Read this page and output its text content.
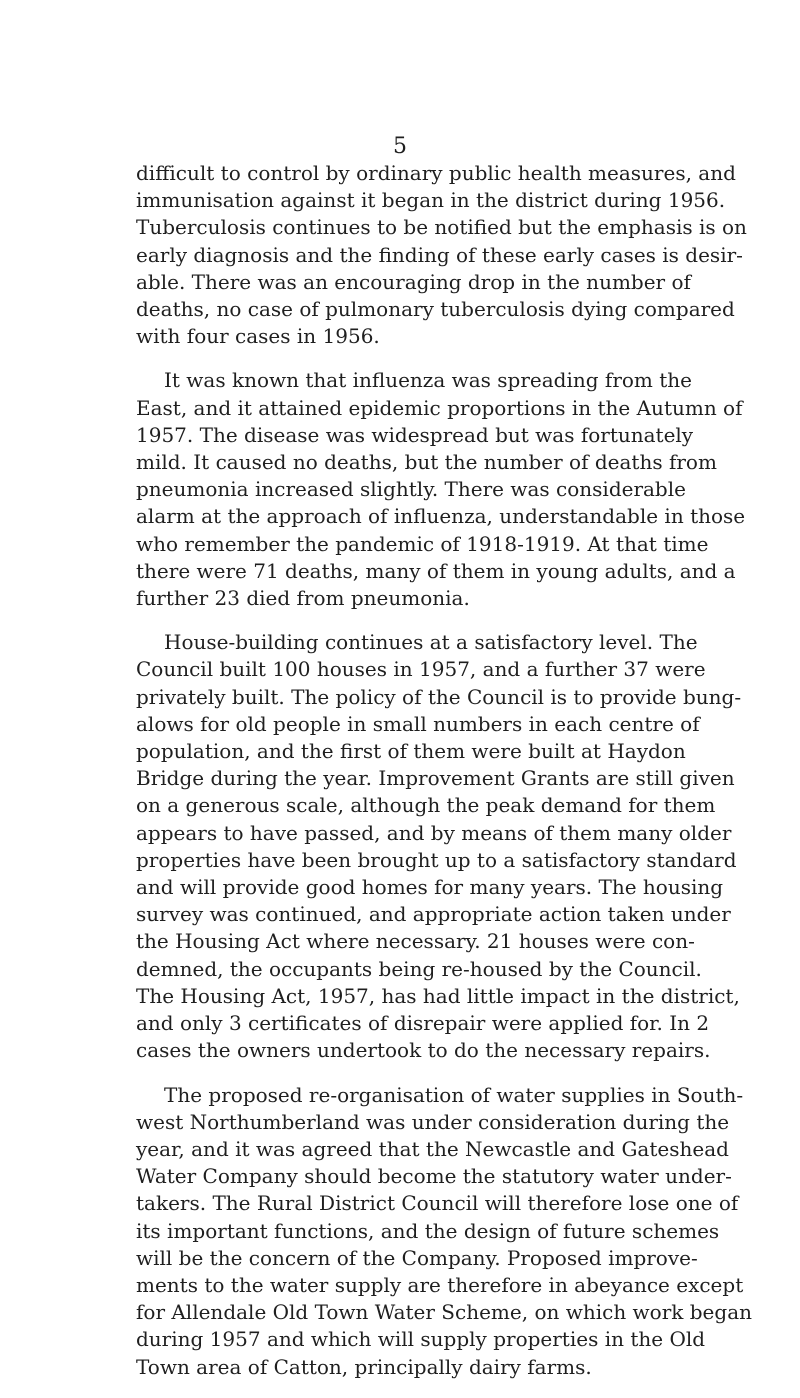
5
difficult to control by ordinary public health measures, and
immunisation against it began in the district during 1956.
Tuberculosis continues to be notified but the emphasis is on
early diagnosis and the finding of these early cases is desir-
able. There was an encouraging drop in the number of
deaths, no case of pulmonary tuberculosis dying compared
with four cases in 1956.
It was known that influenza was spreading from the
East, and it attained epidemic proportions in the Autumn of
1957. The disease was widespread but was fortunately
mild. It caused no deaths, but the number of deaths from
pneumonia increased slightly. There was considerable
alarm at the approach of influenza, understandable in those
who remember the pandemic of 1918-1919. At that time
there were 71 deaths, many of them in young adults, and a
further 23 died from pneumonia.
House-building continues at a satisfactory level. The
Council built 100 houses in 1957, and a further 37 were
privately built. The policy of the Council is to provide bung-
alows for old people in small numbers in each centre of
population, and the first of them were built at Haydon
Bridge during the year. Improvement Grants are still given
on a generous scale, although the peak demand for them
appears to have passed, and by means of them many older
properties have been brought up to a satisfactory standard
and will provide good homes for many years. The housing
survey was continued, and appropriate action taken under
the Housing Act where necessary. 21 houses were con-
demned, the occupants being re-housed by the Council.
The Housing Act, 1957, has had little impact in the district,
and only 3 certificates of disrepair were applied for. In 2
cases the owners undertook to do the necessary repairs.
The proposed re-organisation of water supplies in South-
west Northumberland was under consideration during the
year, and it was agreed that the Newcastle and Gateshead
Water Company should become the statutory water under-
takers. The Rural District Council will therefore lose one of
its important functions, and the design of future schemes
will be the concern of the Company. Proposed improve-
ments to the water supply are therefore in abeyance except
for Allendale Old Town Water Scheme, on which work began
during 1957 and which will supply properties in the Old
Town area of Catton, principally dairy farms.
